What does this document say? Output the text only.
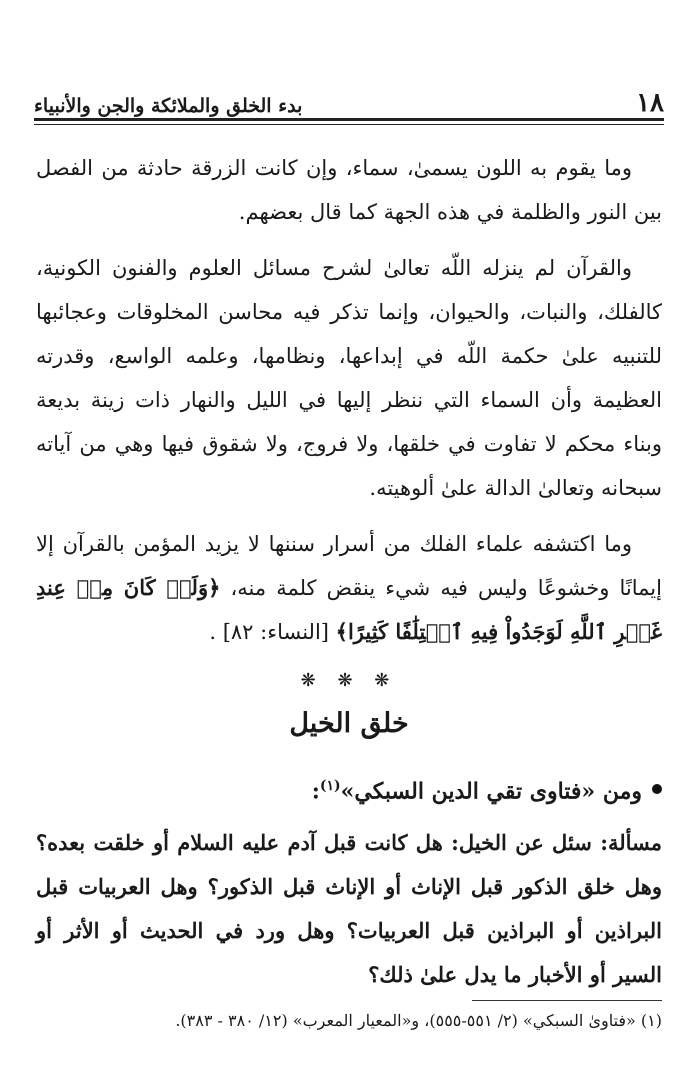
١٨
بدء الخلق والملائكة والجن والأنبياء

وما يقوم به اللون يسمىٰ، سماء، وإن كانت الزرقة حادثة من الفصل بين النور والظلمة في هذه الجهة كما قال بعضهم.

والقرآن لم ينزله اللّه تعالىٰ لشرح مسائل العلوم والفنون الكونية، كالفلك، والنبات، والحيوان، وإنما تذكر فيه محاسن المخلوقات وعجائبها للتنبيه علىٰ حكمة اللّه في إبداعها، ونظامها، وعلمه الواسع، وقدرته العظيمة وأن السماء التي ننظر إليها في الليل والنهار ذات زينة بديعة وبناء محكم لا تفاوت في خلقها، ولا فروج، ولا شقوق فيها وهي من آياته سبحانه وتعالىٰ الدالة علىٰ ألوهيته.

وما اكتشفه علماء الفلك من أسرار سننها لا يزيد المؤمن بالقرآن إلا إيمانًا وخشوعًا وليس فيه شيء ينقض كلمة منه، ﴿وَلَوۡ كَانَ مِنۡ عِندِ غَيۡرِ ٱللَّهِ لَوَجَدُواْ فِيهِ ٱخۡتِلَٰفًا كَثِيرًا﴾ [النساء: ٨٢] .

❋ ❋ ❋
خلق الخيل
ومن «فتاوى تقي الدين السبكي»$^{(١)}$:

مسألة: سئل عن الخيل: هل كانت قبل آدم عليه السلام أو خلقت بعده؟ وهل خلق الذكور قبل الإناث أو الإناث قبل الذكور؟ وهل العربيات قبل البراذين أو البراذين قبل العربيات؟ وهل ورد في الحديث أو الأثر أو السير أو الأخبار ما يدل علىٰ ذلك؟

(١) «فتاوىٰ السبكي» (٢/ ٥٥١-٥٥٥)، و«المعيار المعرب» (١٢/ ٣٨٠ - ٣٨٣).
